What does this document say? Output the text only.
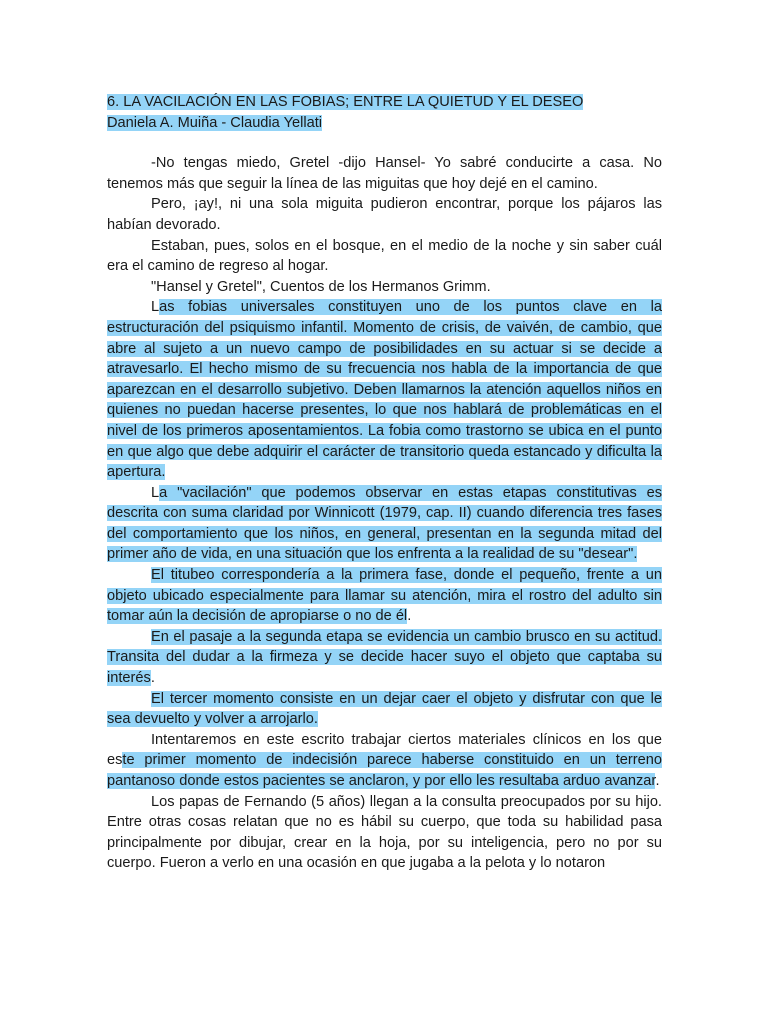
6. LA VACILACIÓN EN LAS FOBIAS; ENTRE LA QUIETUD Y EL DESEO
Daniela A. Muiña - Claudia Yellati

-No tengas miedo, Gretel -dijo Hansel- Yo sabré conducirte a casa. No tenemos más que seguir la línea de las miguitas que hoy dejé en el camino.

Pero, ¡ay!, ni una sola miguita pudieron encontrar, porque los pájaros las habían devorado.

Estaban, pues, solos en el bosque, en el medio de la noche y sin saber cuál era el camino de regreso al hogar.

"Hansel y Gretel", Cuentos de los Hermanos Grimm.

Las fobias universales constituyen uno de los puntos clave en la estructuración del psiquismo infantil. Momento de crisis, de vaivén, de cambio, que abre al sujeto a un nuevo campo de posibilidades en su actuar si se decide a atravesarlo. El hecho mismo de su frecuencia nos habla de la importancia de que aparezcan en el desarrollo subjetivo. Deben llamarnos la atención aquellos niños en quienes no puedan hacerse presentes, lo que nos hablará de problemáticas en el nivel de los primeros aposentamientos. La fobia como trastorno se ubica en el punto en que algo que debe adquirir el carácter de transitorio queda estancado y dificulta la apertura.

La "vacilación" que podemos observar en estas etapas constitutivas es descrita con suma claridad por Winnicott (1979, cap. II) cuando diferencia tres fases del comportamiento que los niños, en general, presentan en la segunda mitad del primer año de vida, en una situación que los enfrenta a la realidad de su "desear".

El titubeo correspondería a la primera fase, donde el pequeño, frente a un objeto ubicado especialmente para llamar su atención, mira el rostro del adulto sin tomar aún la decisión de apropiarse o no de él.

En el pasaje a la segunda etapa se evidencia un cambio brusco en su actitud. Transita del dudar a la firmeza y se decide hacer suyo el objeto que captaba su interés.

El tercer momento consiste en un dejar caer el objeto y disfrutar con que le sea devuelto y volver a arrojarlo.

Intentaremos en este escrito trabajar ciertos materiales clínicos en los que este primer momento de indecisión parece haberse constituido en un terreno pantanoso donde estos pacientes se anclaron, y por ello les resultaba arduo avanzar.

Los papas de Fernando (5 años) llegan a la consulta preocupados por su hijo. Entre otras cosas relatan que no es hábil su cuerpo, que toda su habilidad pasa principalmente por dibujar, crear en la hoja, por su inteligencia, pero no por su cuerpo. Fueron a verlo en una ocasión en que jugaba a la pelota y lo notaron
